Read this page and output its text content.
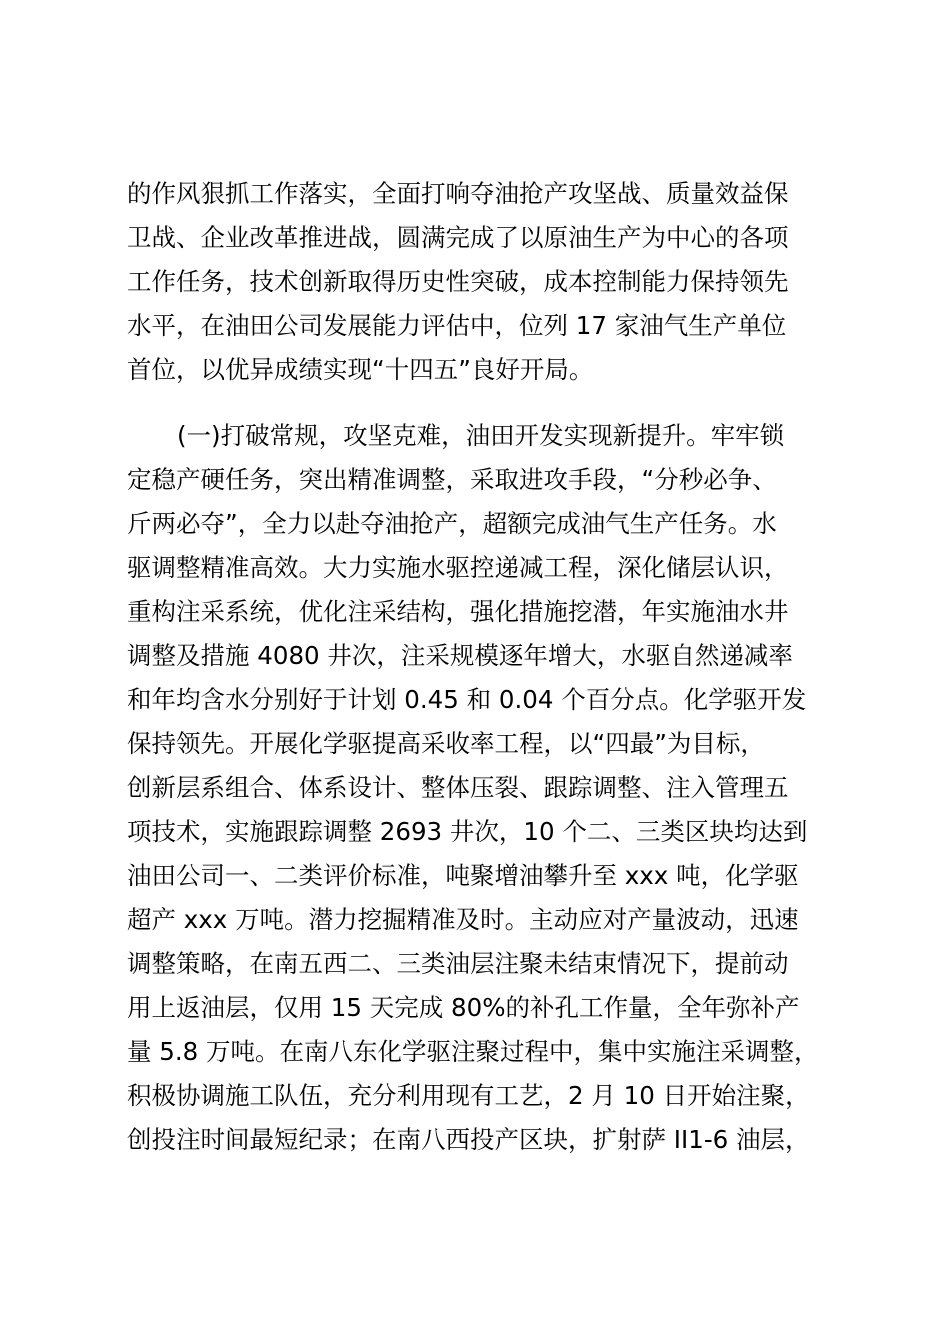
的作风狠抓工作落实，全面打响夺油抢产攻坚战、质量效益保
卫战、企业改革推进战，圆满完成了以原油生产为中心的各项
工作任务，技术创新取得历史性突破，成本控制能力保持领先
水平，在油田公司发展能力评估中，位列 17 家油气生产单位
首位，以优异成绩实现“十四五”良好开局。
(一)打破常规，攻坚克难，油田开发实现新提升。牢牢锁
定稳产硬任务，突出精准调整，采取进攻手段，“分秒必争、
斤两必夺”，全力以赴夺油抢产，超额完成油气生产任务。水
驱调整精准高效。大力实施水驱控递减工程，深化储层认识，
重构注采系统，优化注采结构，强化措施挖潜，年实施油水井
调整及措施 4080 井次，注采规模逐年增大，水驱自然递减率
和年均含水分别好于计划 0.45 和 0.04 个百分点。化学驱开发
保持领先。开展化学驱提高采收率工程，以“四最”为目标，
创新层系组合、体系设计、整体压裂、跟踪调整、注入管理五
项技术，实施跟踪调整 2693 井次，10 个二、三类区块均达到
油田公司一、二类评价标准，吨聚增油攀升至 xxx 吨，化学驱
超产 xxx 万吨。潜力挖掘精准及时。主动应对产量波动，迅速
调整策略，在南五西二、三类油层注聚未结束情况下，提前动
用上返油层，仅用 15 天完成 80%的补孔工作量，全年弥补产
量 5.8 万吨。在南八东化学驱注聚过程中，集中实施注采调整，
积极协调施工队伍，充分利用现有工艺，2 月 10 日开始注聚，
创投注时间最短纪录；在南八西投产区块，扩射萨 II1-6 油层，
